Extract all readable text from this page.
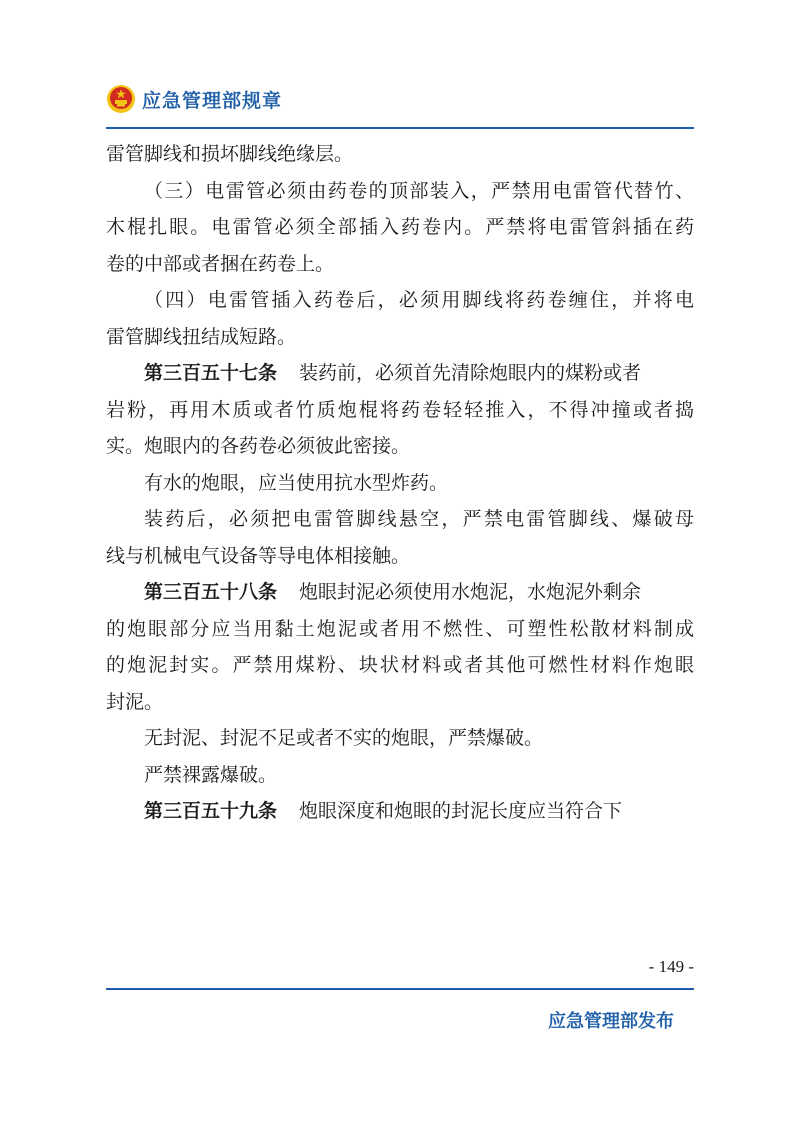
应急管理部规章
雷管脚线和损坏脚线绝缘层。
（三）电雷管必须由药卷的顶部装入，严禁用电雷管代替竹、
木棍扎眼。电雷管必须全部插入药卷内。严禁将电雷管斜插在药
卷的中部或者捆在药卷上。
（四）电雷管插入药卷后，必须用脚线将药卷缠住，并将电
雷管脚线扭结成短路。
第三百五十七条 装药前，必须首先清除炮眼内的煤粉或者
岩粉，再用木质或者竹质炮棍将药卷轻轻推入，不得冲撞或者捣
实。炮眼内的各药卷必须彼此密接。
有水的炮眼，应当使用抗水型炸药。
装药后，必须把电雷管脚线悬空，严禁电雷管脚线、爆破母
线与机械电气设备等导电体相接触。
第三百五十八条 炮眼封泥必须使用水炮泥，水炮泥外剩余
的炮眼部分应当用黏土炮泥或者用不燃性、可塑性松散材料制成
的炮泥封实。严禁用煤粉、块状材料或者其他可燃性材料作炮眼
封泥。
无封泥、封泥不足或者不实的炮眼，严禁爆破。
严禁裸露爆破。
第三百五十九条 炮眼深度和炮眼的封泥长度应当符合下
- 149 -
应急管理部发布
